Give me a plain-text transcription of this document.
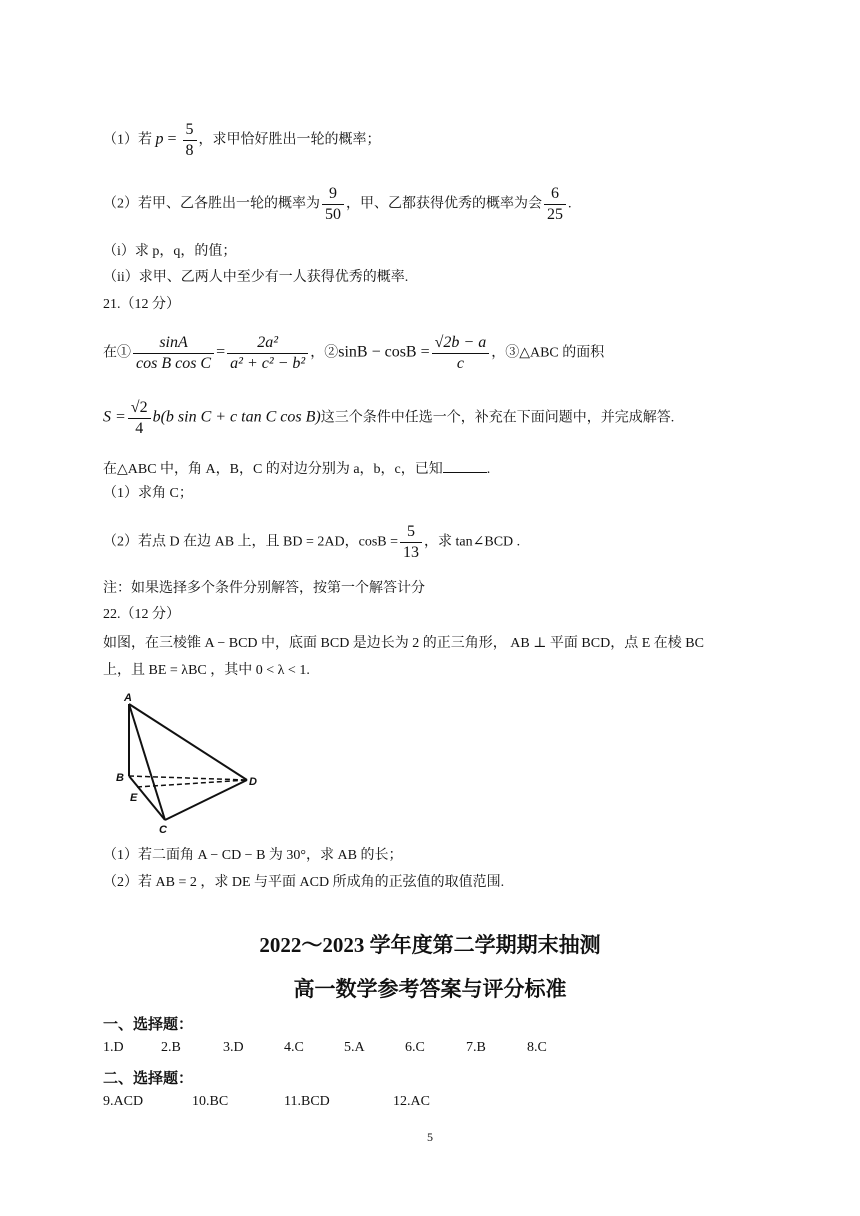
（1）若 $p = \frac{5}{8}$ ，求甲恰好胜出一轮的概率；
（2）若甲、乙各胜出一轮的概率为 $\frac{9}{50}$ ，甲、乙都获得优秀的概率为会 $\frac{6}{25}$ .
（i）求 p，q，的值；
（ii）求甲、乙两人中至少有一人获得优秀的概率.
21.（12 分）
在① $\frac{\sin A}{\text{cos B cos C}} = \frac{\text{2a²}}{\text{a² + c² − b²}}$ ，②sinB − $\cos B = \frac{√2b - a}{c}$ ，③△ABC 的面积
$S = \frac{√2}{4} b(b$ sin C + c tan C cos B)这三个条件中任选一个，补充在下面问题中，并完成解答.
在△ABC 中，角 A，B，C 的对边分别为 a，b，c，已知	.
（1）求角 C；
（2）若点 D 在边 AB 上，且 BD = 2AD，$\cos B = \frac{5}{13}$ ，求 tan∠BCD .
注：如果选择多个条件分别解答，按第一个解答计分
22.（12 分）
如图，在三棱锥 A − BCD 中，底面 BCD 是边长为 2 的正三角形， AB ⊥ 平面 BCD，点 E 在棱 BC
上，且 BE = λBC ，其中 0 < λ < 1.
A
B
E
C
D
（1）若二面角 A − CD − B 为 30°，求 AB 的长；
（2）若 AB = 2 ，求 DE 与平面 ACD 所成角的正弦值的取值范围.
2022～2023 学年度第二学期期末抽测
高一数学参考答案与评分标准
一、选择题：
1.D	2.B	3.D	4.C	5.A	6.C	7.B	8.C
二、选择题：
9.ACD	10.BC	11.BCD	12.AC
5
